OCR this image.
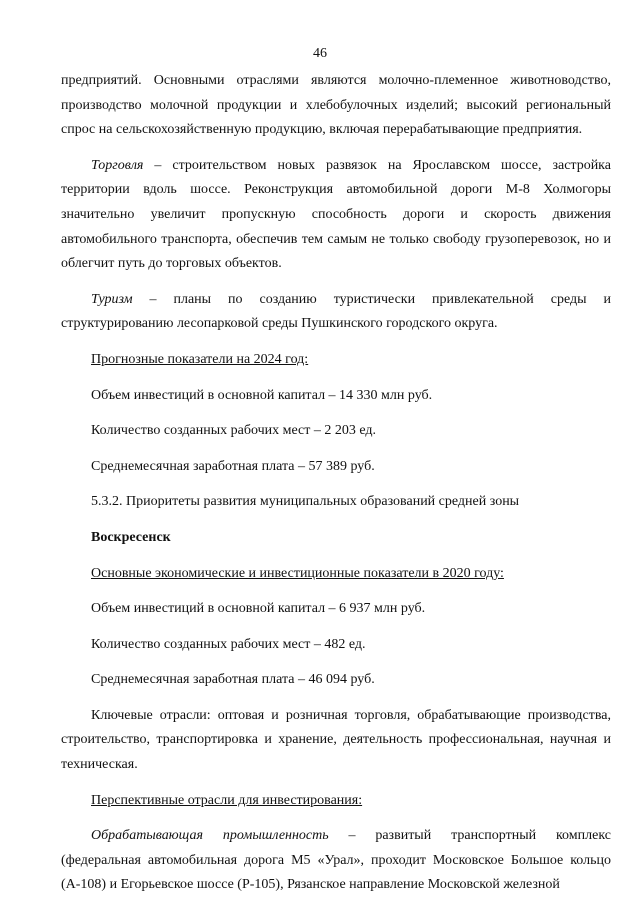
46

предприятий. Основными отраслями являются молочно-племенное животноводство, производство молочной продукции и хлебобулочных изделий; высокий региональный спрос на сельскохозяйственную продукцию, включая перерабатывающие предприятия.

Торговля – строительством новых развязок на Ярославском шоссе, застройка территории вдоль шоссе. Реконструкция автомобильной дороги М-8 Холмогоры значительно увеличит пропускную способность дороги и скорость движения автомобильного транспорта, обеспечив тем самым не только свободу грузоперевозок, но и облегчит путь до торговых объектов.

Туризм – планы по созданию туристически привлекательной среды и структурированию лесопарковой среды Пушкинского городского округа.

Прогнозные показатели на 2024 год:

Объем инвестиций в основной капитал – 14 330 млн руб.

Количество созданных рабочих мест – 2 203 ед.

Среднемесячная заработная плата – 57 389 руб.

5.3.2. Приоритеты развития муниципальных образований средней зоны

Воскресенск

Основные экономические и инвестиционные показатели в 2020 году:

Объем инвестиций в основной капитал – 6 937 млн руб.

Количество созданных рабочих мест – 482 ед.

Среднемесячная заработная плата – 46 094 руб.

Ключевые отрасли: оптовая и розничная торговля, обрабатывающие производства, строительство, транспортировка и хранение, деятельность профессиональная, научная и техническая.

Перспективные отрасли для инвестирования:

Обрабатывающая промышленность – развитый транспортный комплекс (федеральная автомобильная дорога М5 «Урал», проходит Московское Большое кольцо (А-108) и Егорьевское шоссе (Р-105), Рязанское направление Московской железной
